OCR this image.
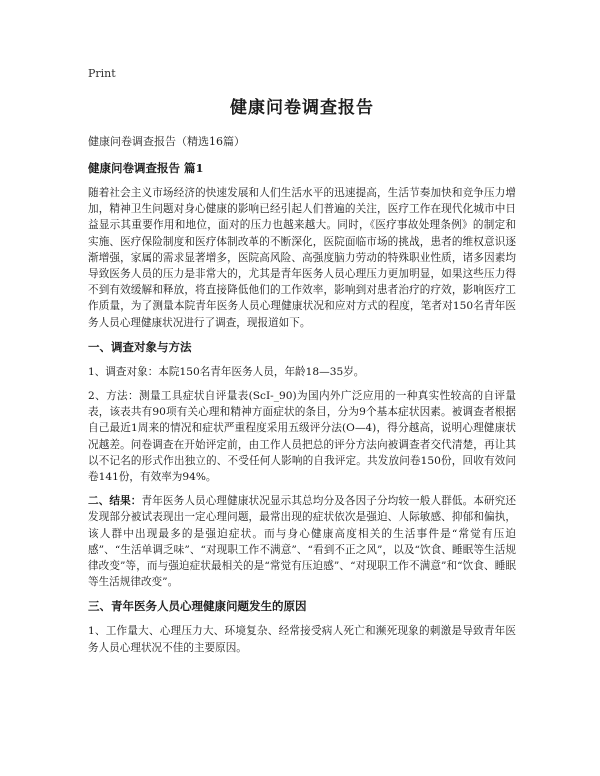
Print
健康问卷调查报告
健康问卷调查报告（精选16篇）
健康问卷调查报告 篇1

随着社会主义市场经济的快速发展和人们生活水平的迅速提高，生活节奏加快和竞争压力增加，精神卫生问题对身心健康的影响已经引起人们普遍的关注，医疗工作在现代化城市中日益显示其重要作用和地位，面对的压力也越来越大。同时，《医疗事故处理条例》的制定和实施、医疗保险制度和医疗体制改革的不断深化，医院面临市场的挑战，患者的维权意识逐渐增强，家属的需求显著增多，医院高风险、高强度脑力劳动的特殊职业性质，诸多因素均导致医务人员的压力是非常大的，尤其是青年医务人员心理压力更加明显，如果这些压力得不到有效缓解和释放，将直接降低他们的工作效率，影响到对患者治疗的疗效，影响医疗工作质量，为了测量本院青年医务人员心理健康状况和应对方式的程度，笔者对150名青年医务人员心理健康状况进行了调查，现报道如下。

一、调查对象与方法

1、调查对象：本院150名青年医务人员，年龄18—35岁。

2、方法：测量工具症状自评量表(ScI-_90)为国内外广泛应用的一种真实性较高的自评量表，该表共有90项有关心理和精神方面症状的条目，分为9个基本症状因素。被调查者根据自己最近1周来的情况和症状严重程度采用五级评分法(O—4)，得分越高，说明心理健康状况越差。问卷调查在开始评定前，由工作人员把总的评分方法向被调查者交代清楚，再让其以不记名的形式作出独立的、不受任何人影响的自我评定。共发放问卷150份，回收有效问卷141份，有效率为94%。

二、结果：青年医务人员心理健康状况显示其总均分及各因子分均较一般人群低。本研究还发现部分被试表现出一定心理问题，最常出现的症状依次是强迫、人际敏感、抑郁和偏执，该人群中出现最多的是强迫症状。而与身心健康高度相关的生活事件是“常觉有压迫感”、“生活单调乏味”、“对现职工作不满意”、“看到不正之风”，以及“饮食、睡眠等生活规律改变”等，而与强迫症状最相关的是“常觉有压迫感”、“对现职工作不满意”和“饮食、睡眠等生活规律改变”。

三、青年医务人员心理健康问题发生的原因

1、工作量大、心理压力大、环境复杂、经常接受病人死亡和濒死现象的刺激是导致青年医务人员心理状况不佳的主要原因。
